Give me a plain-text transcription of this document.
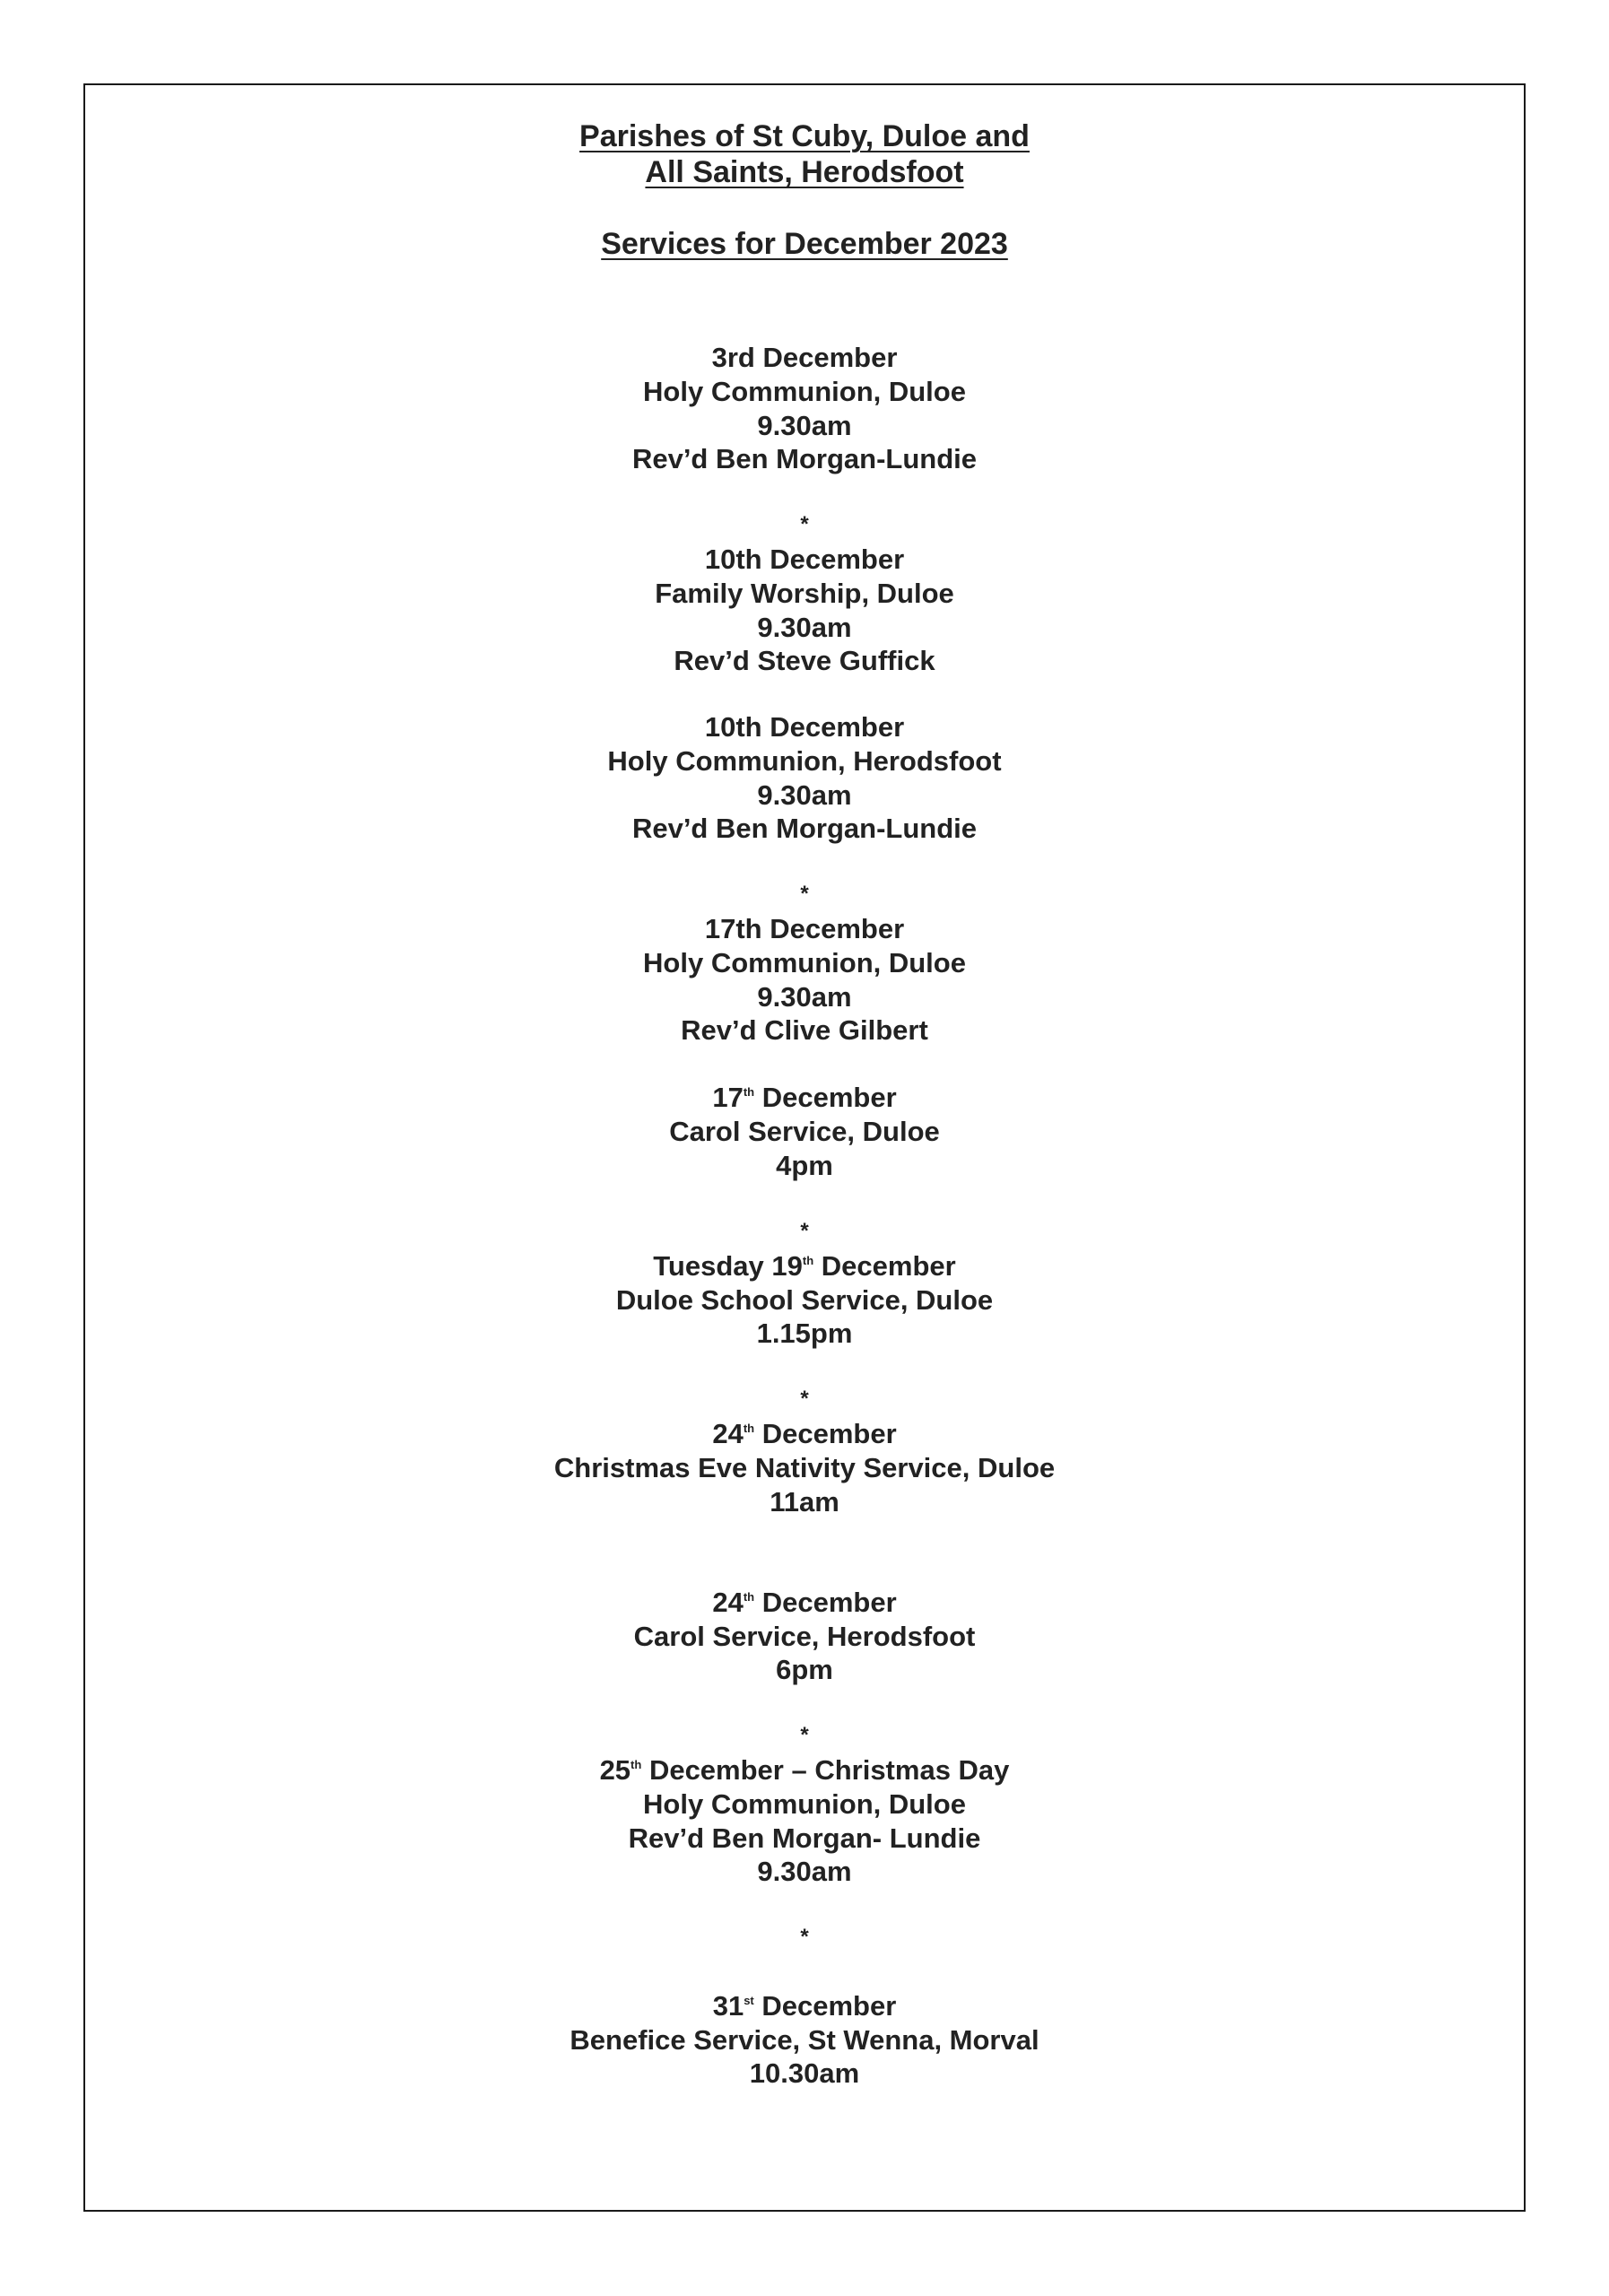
Parishes of St Cuby, Duloe and
All Saints, Herodsfoot
Services for December 2023
3rd December
Holy Communion, Duloe
9.30am
Rev’d Ben Morgan-Lundie
*
10th December
Family Worship, Duloe
9.30am
Rev’d Steve Guffick
10th December
Holy Communion, Herodsfoot
9.30am
Rev’d Ben Morgan-Lundie
*
17th December
Holy Communion, Duloe
9.30am
Rev’d Clive Gilbert
17th December
Carol Service, Duloe
4pm
*
Tuesday 19th December
Duloe School Service, Duloe
1.15pm
*
24th December
Christmas Eve Nativity Service, Duloe
11am
24th December
Carol Service, Herodsfoot
6pm
*
25th December – Christmas Day
Holy Communion, Duloe
Rev’d Ben Morgan- Lundie
9.30am
*
31st December
Benefice Service, St Wenna, Morval
10.30am
